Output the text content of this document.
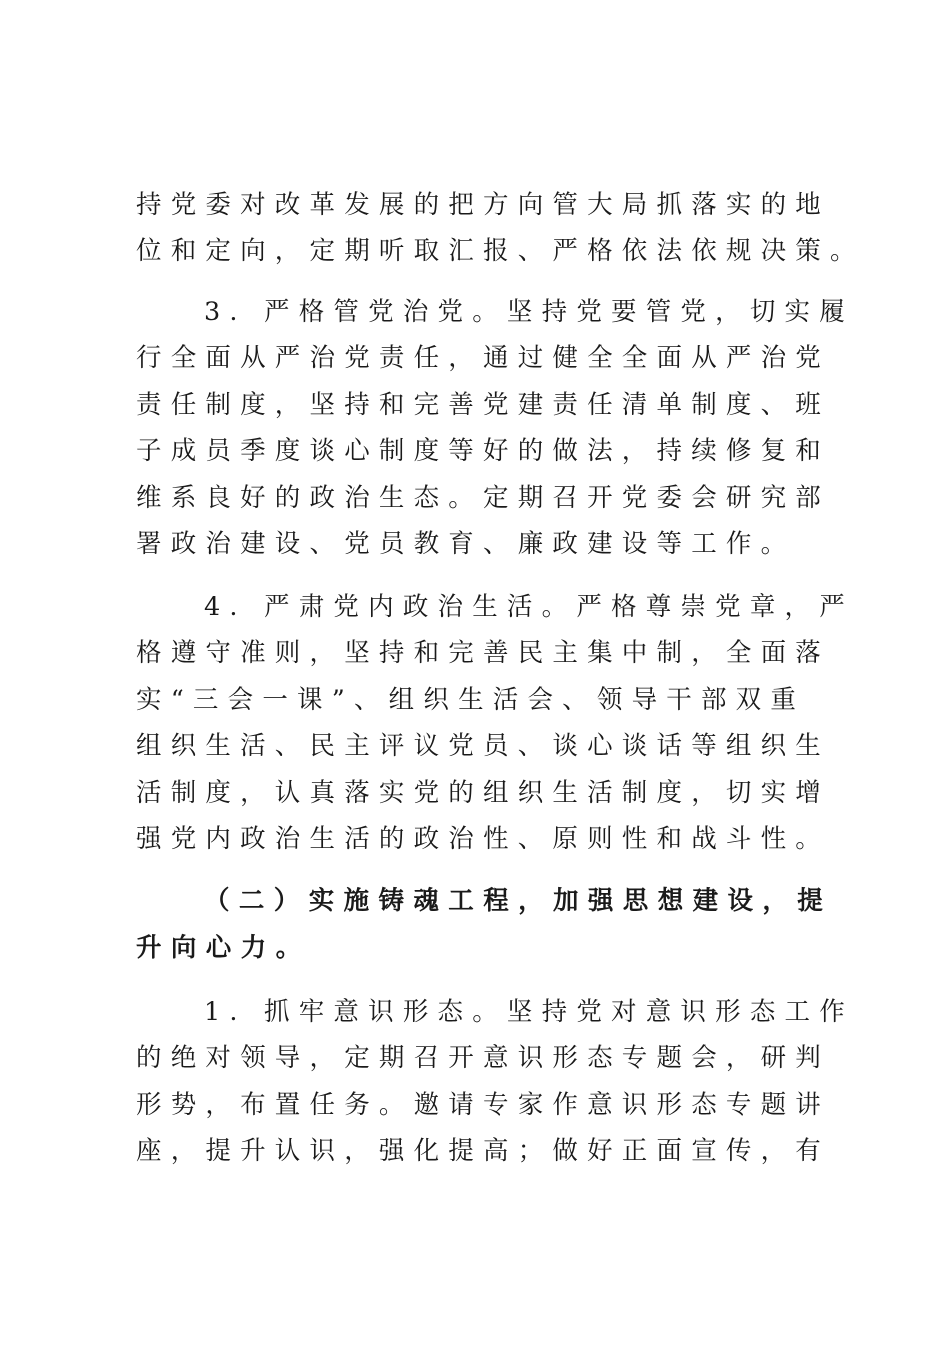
持党委对改革发展的把方向管大局抓落实的地
位和定向，定期听取汇报、严格依法依规决策。
3. 严格管党治党。坚持党要管党，切实履
行全面从严治党责任，通过健全全面从严治党
责任制度，坚持和完善党建责任清单制度、班
子成员季度谈心制度等好的做法，持续修复和
维系良好的政治生态。定期召开党委会研究部
署政治建设、党员教育、廉政建设等工作。
4. 严肃党内政治生活。严格尊崇党章，严
格遵守准则，坚持和完善民主集中制，全面落
实“三会一课”、组织生活会、领导干部双重
组织生活、民主评议党员、谈心谈话等组织生
活制度，认真落实党的组织生活制度，切实增
强党内政治生活的政治性、原则性和战斗性。
（二）实施铸魂工程，加强思想建设，提
升向心力。
1. 抓牢意识形态。坚持党对意识形态工作
的绝对领导，定期召开意识形态专题会，研判
形势，布置任务。邀请专家作意识形态专题讲
座，提升认识，强化提高；做好正面宣传，有
